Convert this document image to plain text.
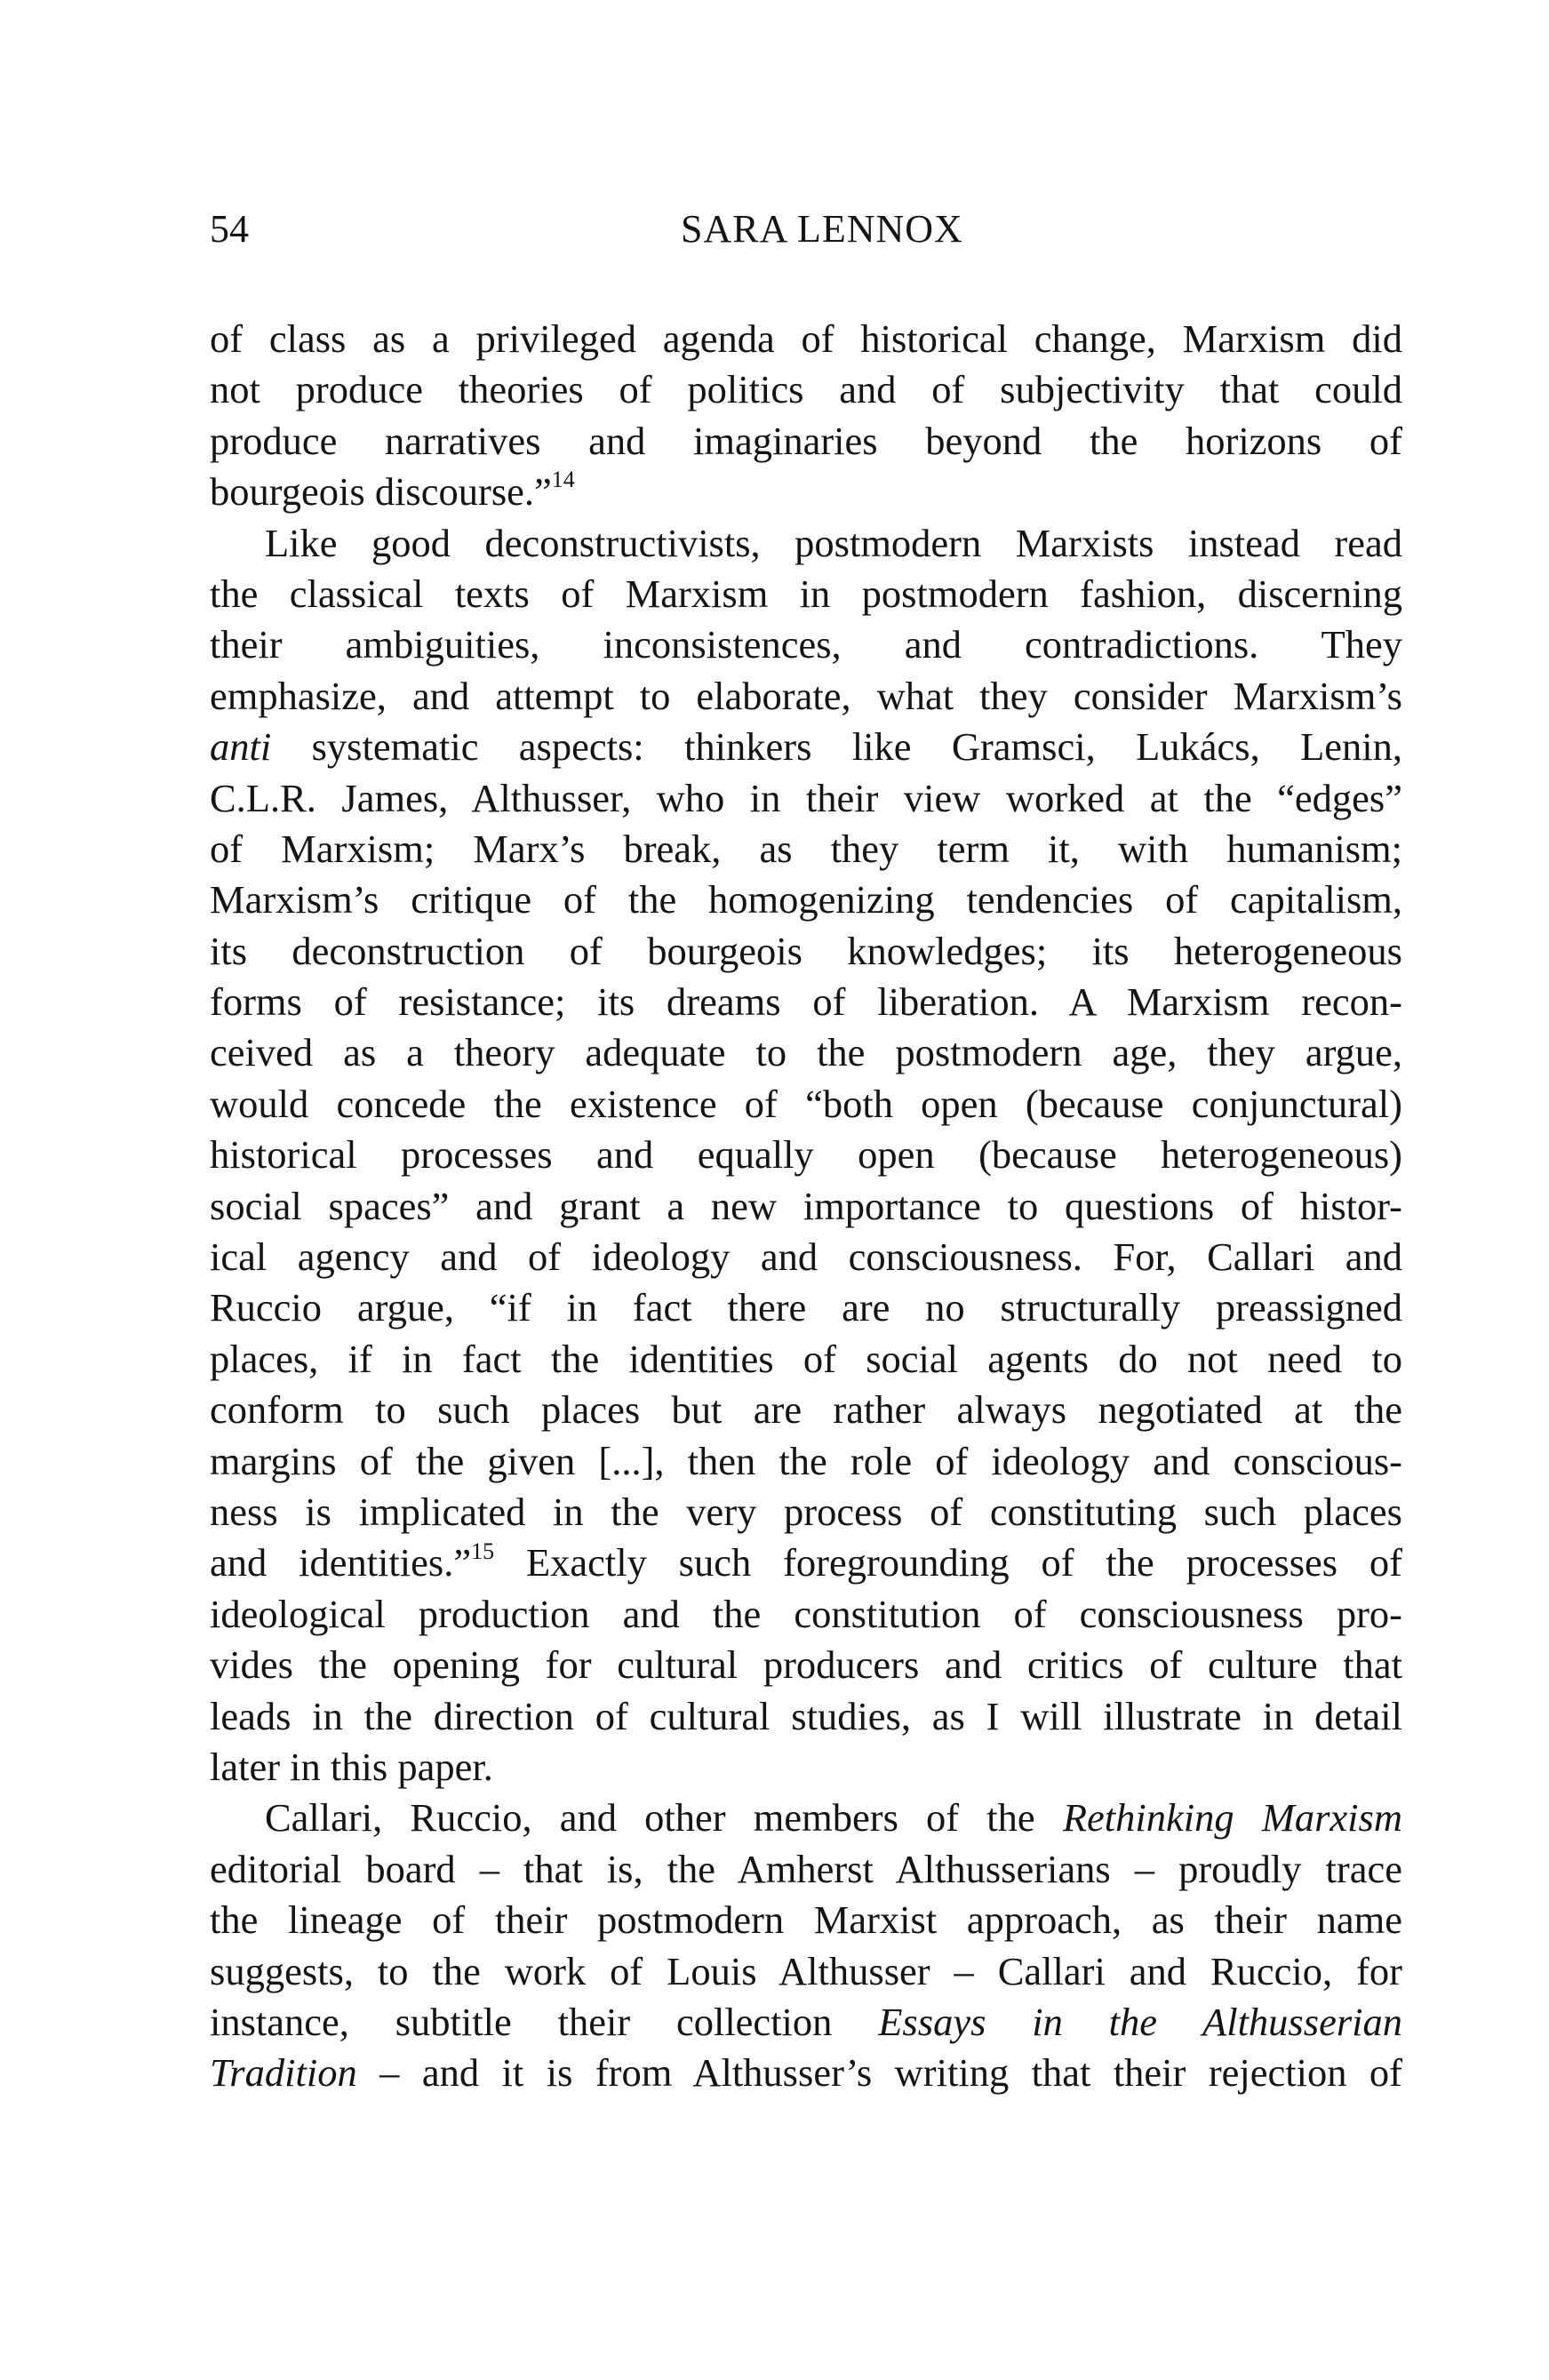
54	SARA LENNOX
of class as a privileged agenda of historical change, Marxism did
not produce theories of politics and of subjectivity that could
produce narratives and imaginaries beyond the horizons of
bourgeois discourse.”$^{14}$
Like good deconstructivists, postmodern Marxists instead read
the classical texts of Marxism in postmodern fashion, discerning
their ambiguities, inconsistences, and contradictions. They
emphasize, and attempt to elaborate, what they consider Marxism’s
anti systematic aspects: thinkers like Gramsci, Lukács, Lenin,
C.L.R. James, Althusser, who in their view worked at the “edges”
of Marxism; Marx’s break, as they term it, with humanism;
Marxism’s critique of the homogenizing tendencies of capitalism,
its deconstruction of bourgeois knowledges; its heterogeneous
forms of resistance; its dreams of liberation. A Marxism recon-
ceived as a theory adequate to the postmodern age, they argue,
would concede the existence of “both open (because conjunctural)
historical processes and equally open (because heterogeneous)
social spaces” and grant a new importance to questions of histor-
ical agency and of ideology and consciousness. For, Callari and
Ruccio argue, “if in fact there are no structurally preassigned
places, if in fact the identities of social agents do not need to
conform to such places but are rather always negotiated at the
margins of the given [...], then the role of ideology and conscious-
ness is implicated in the very process of constituting such places
and identities.”$^{15}$ Exactly such foregrounding of the processes of
ideological production and the constitution of consciousness pro-
vides the opening for cultural producers and critics of culture that
leads in the direction of cultural studies, as I will illustrate in detail
later in this paper.
Callari, Ruccio, and other members of the Rethinking Marxism
editorial board – that is, the Amherst Althusserians – proudly trace
the lineage of their postmodern Marxist approach, as their name
suggests, to the work of Louis Althusser – Callari and Ruccio, for
instance, subtitle their collection Essays in the Althusserian
Tradition – and it is from Althusser’s writing that their rejection of
